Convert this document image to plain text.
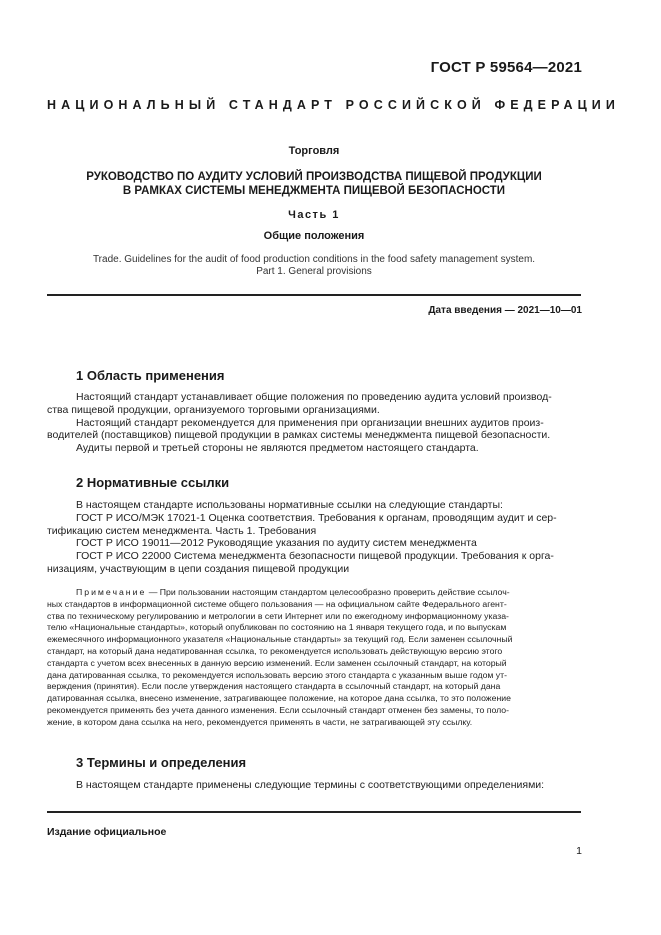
ГОСТ Р 59564—2021
НАЦИОНАЛЬНЫЙ СТАНДАРТ РОССИЙСКОЙ ФЕДЕРАЦИИ
Торговля
РУКОВОДСТВО ПО АУДИТУ УСЛОВИЙ ПРОИЗВОДСТВА ПИЩЕВОЙ ПРОДУКЦИИ
В РАМКАХ СИСТЕМЫ МЕНЕДЖМЕНТА ПИЩЕВОЙ БЕЗОПАСНОСТИ
Часть 1
Общие положения
Trade. Guidelines for the audit of food production conditions in the food safety management system.
Part 1. General provisions
Дата введения — 2021—10—01
1 Область применения
Настоящий стандарт устанавливает общие положения по проведению аудита условий производ-
ства пищевой продукции, организуемого торговыми организациями.
Настоящий стандарт рекомендуется для применения при организации внешних аудитов произ-
водителей (поставщиков) пищевой продукции в рамках системы менеджмента пищевой безопасности.
Аудиты первой и третьей стороны не являются предметом настоящего стандарта.
2 Нормативные ссылки
В настоящем стандарте использованы нормативные ссылки на следующие стандарты:
ГОСТ Р ИСО/МЭК 17021-1 Оценка соответствия. Требования к органам, проводящим аудит и сер-
тификацию систем менеджмента. Часть 1. Требования
ГОСТ Р ИСО 19011—2012 Руководящие указания по аудиту систем менеджмента
ГОСТ Р ИСО 22000 Система менеджмента безопасности пищевой продукции. Требования к орга-
низациям, участвующим в цепи создания пищевой продукции
Примечание — При пользовании настоящим стандартом целесообразно проверить действие ссылоч-
ных стандартов в информационной системе общего пользования — на официальном сайте Федерального агент-
ства по техническому регулированию и метрологии в сети Интернет или по ежегодному информационному указа-
телю «Национальные стандарты», который опубликован по состоянию на 1 января текущего года, и по выпускам
ежемесячного информационного указателя «Национальные стандарты» за текущий год. Если заменен ссылочный
стандарт, на который дана недатированная ссылка, то рекомендуется использовать действующую версию этого
стандарта с учетом всех внесенных в данную версию изменений. Если заменен ссылочный стандарт, на который
дана датированная ссылка, то рекомендуется использовать версию этого стандарта с указанным выше годом ут-
верждения (принятия). Если после утверждения настоящего стандарта в ссылочный стандарт, на который дана
датированная ссылка, внесено изменение, затрагивающее положение, на которое дана ссылка, то это положение
рекомендуется применять без учета данного изменения. Если ссылочный стандарт отменен без замены, то поло-
жение, в котором дана ссылка на него, рекомендуется применять в части, не затрагивающей эту ссылку.
3 Термины и определения
В настоящем стандарте применены следующие термины с соответствующими определениями:
Издание официальное
1
